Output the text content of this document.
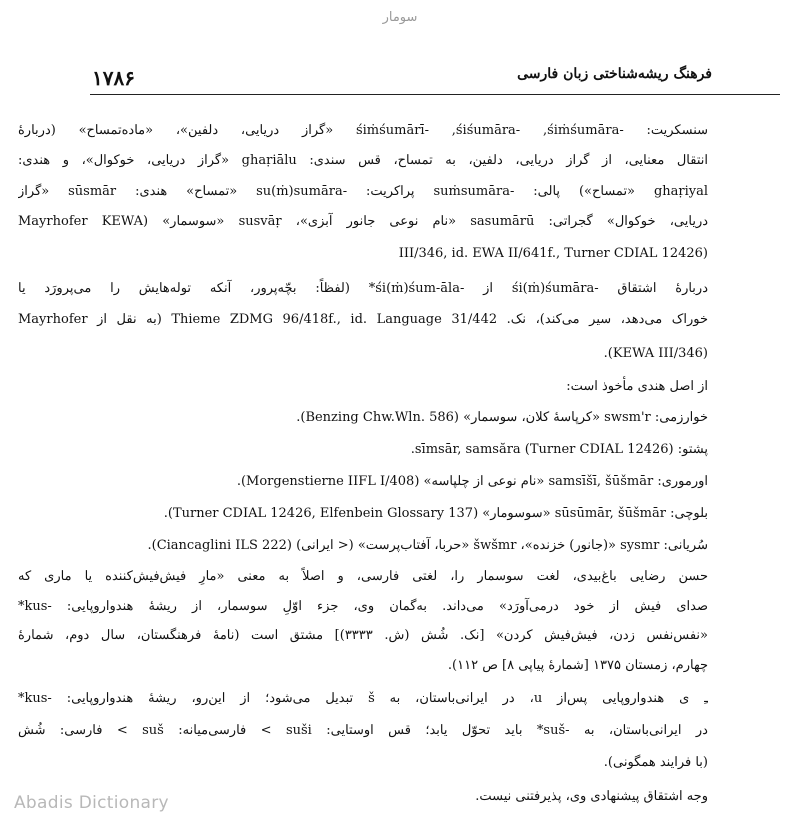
سومار
۱۷۸۶	فرهنگ ریشه‌شناختی زبان فارسی
سنسکریت: -śiṁśumārī- ,śiśumāra- ,śiṁśumāra «گراز دریایی، دلفین»، «ماده‌تمساح» (دربارهٔ
انتقال معنایی، از گراز دریایی، دلفین، به تمساح، قس سندی: ghaṛiālu «گراز دریایی، خوکوال»، و هندی:
ghaṛiyal «تمساح») پالی: -suṁsumāra پراکریت: -su(ṁ)sumāra «تمساح» هندی: sūsmār «گراز
دریایی، خوکوال» گجراتی: sasumārū «نام نوعی جانور آبزی»، susvāṛ «سوسمار» (Mayrhofer KEWA
(III/346, id. EWA II/641f., Turner CDIAL 12426
دربارهٔ اشتقاق -śi(ṁ)śumāra از -śi(ṁ)śum-āla* (لفظاً: بچّه‌پرور، آنکه توله‌هایش را می‌پرورَد یا
خوراک می‌دهد، سیر می‌کند)، نک. Thieme ZDMG 96/418f., id. Language 31/442 (به نقل از Mayrhofer
(KEWA III/346).
از اصل هندی مأخوذ است:
خوارزمی: swsm'r «کرپاسهٔ کلان، سوسمار» (Benzing Chw.Wln. 586).
پشتو: sīmsār, samsăra (Turner CDIAL 12426).
اورموری: samsīšī, šūšmār «نام نوعی از چلپاسه» (Morgenstierne IIFL I/408).
بلوچی: sūsūmār, šūšmār «سوسومار» (Turner CDIAL 12426, Elfenbein Glossary 137).
سُریانی: sysmr «(جانور) خزنده»، šwšmr «حربا، آفتاب‌پرست» (< ایرانی) (Ciancaglini ILS 222).
حسن رضایی باغ‌بیدی، لغت سوسمار را، لغتی فارسی، و اصلاً به معنی «مارِ فیش‌فیش‌کننده یا ماری که
صدای فیش از خود درمی‌آورَد» می‌داند. به‌گمان وی، جزء اوّلِ سوسمار، از ریشهٔ هندواروپایی: -kus*
«نفس‌نفس زدن، فیش‌فیش کردن» [نک. شُش (ش. ۳۳۳۳)] مشتق است (نامهٔ فرهنگستان، سال دوم، شمارهٔ
چهارم، زمستان ۱۳۷۵ [شمارهٔ پیاپی ۸] ص ۱۱۲).
ـِ ی هندواروپایی پس‌از u، در ایرانی‌باستان، به š تبدیل می‌شود؛ از این‌رو، ریشهٔ هندواروپایی: -kus*
در ایرانی‌باستان، به -suš* باید تحوّل یابد؛ قس اوستایی: suši > فارسی‌میانه: suš > فارسی: شُش
(با فرایند همگونی).
وجه اشتقاق پیشنهادی وی، پذیرفتنی نیست.
Abadis Dictionary
